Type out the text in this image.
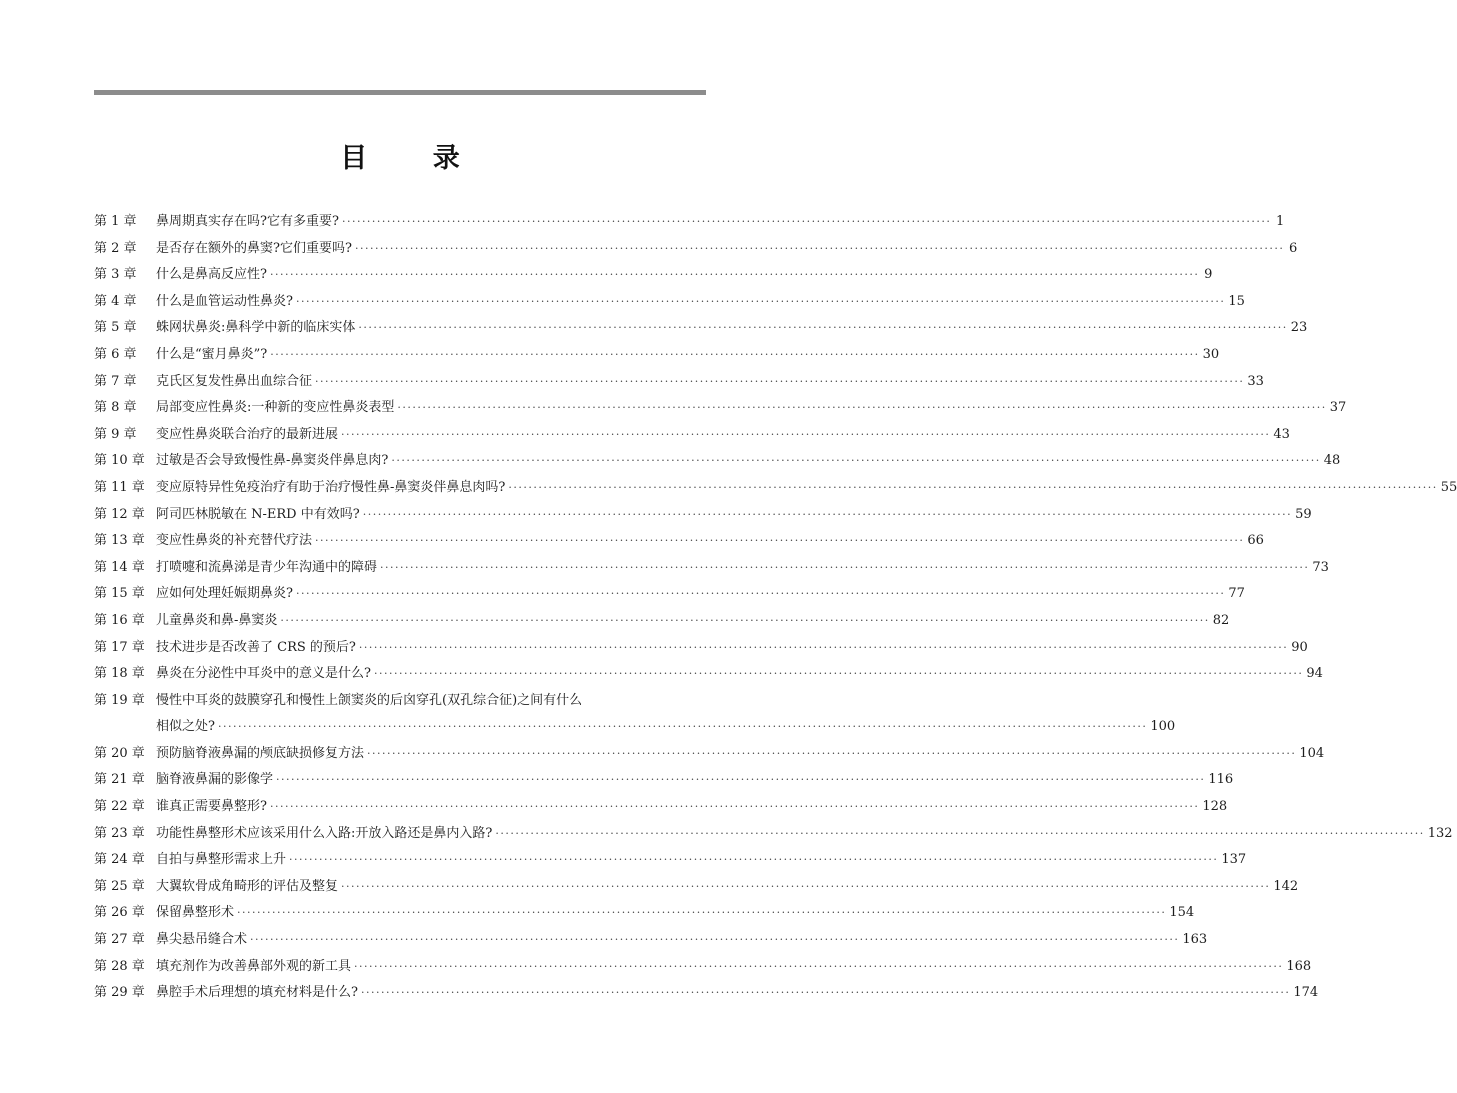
目 录
第 1 章	鼻周期真实存在吗?它有多重要? ·····	1
第 2 章	是否存在额外的鼻窦?它们重要吗? ·····	6
第 3 章	什么是鼻高反应性? ·····	9
第 4 章	什么是血管运动性鼻炎? ·····	15
第 5 章	蛛网状鼻炎:鼻科学中新的临床实体 ·····	23
第 6 章	什么是“蜜月鼻炎”? ·····	30
第 7 章	克氏区复发性鼻出血综合征 ·····	33
第 8 章	局部变应性鼻炎:一种新的变应性鼻炎表型 ·····	37
第 9 章	变应性鼻炎联合治疗的最新进展 ·····	43
第 10 章 过敏是否会导致慢性鼻-鼻窦炎伴鼻息肉? ·····	48
第 11 章 变应原特异性免疫治疗有助于治疗慢性鼻-鼻窦炎伴鼻息肉吗? ·····	55
第 12 章 阿司匹林脱敏在 N-ERD 中有效吗? ·····	59
第 13 章 变应性鼻炎的补充替代疗法 ·····	66
第 14 章 打喷嚏和流鼻涕是青少年沟通中的障碍 ·····	73
第 15 章 应如何处理妊娠期鼻炎? ·····	77
第 16 章 儿童鼻炎和鼻-鼻窦炎 ·····	82
第 17 章 技术进步是否改善了 CRS 的预后? ·····	90
第 18 章 鼻炎在分泌性中耳炎中的意义是什么? ·····	94
第 19 章 慢性中耳炎的鼓膜穿孔和慢性上颌窦炎的后囟穿孔(双孔综合征)之间有什么
相似之处? ·····	100
第 20 章 预防脑脊液鼻漏的颅底缺损修复方法 ·····	104
第 21 章 脑脊液鼻漏的影像学 ·····	116
第 22 章 谁真正需要鼻整形? ·····	128
第 23 章 功能性鼻整形术应该采用什么入路:开放入路还是鼻内入路? ·····	132
第 24 章 自拍与鼻整形需求上升 ·····	137
第 25 章 大翼软骨成角畸形的评估及整复 ·····	142
第 26 章 保留鼻整形术 ·····	154
第 27 章 鼻尖悬吊缝合术 ·····	163
第 28 章 填充剂作为改善鼻部外观的新工具 ·····	168
第 29 章 鼻腔手术后理想的填充材料是什么? ·····	174
